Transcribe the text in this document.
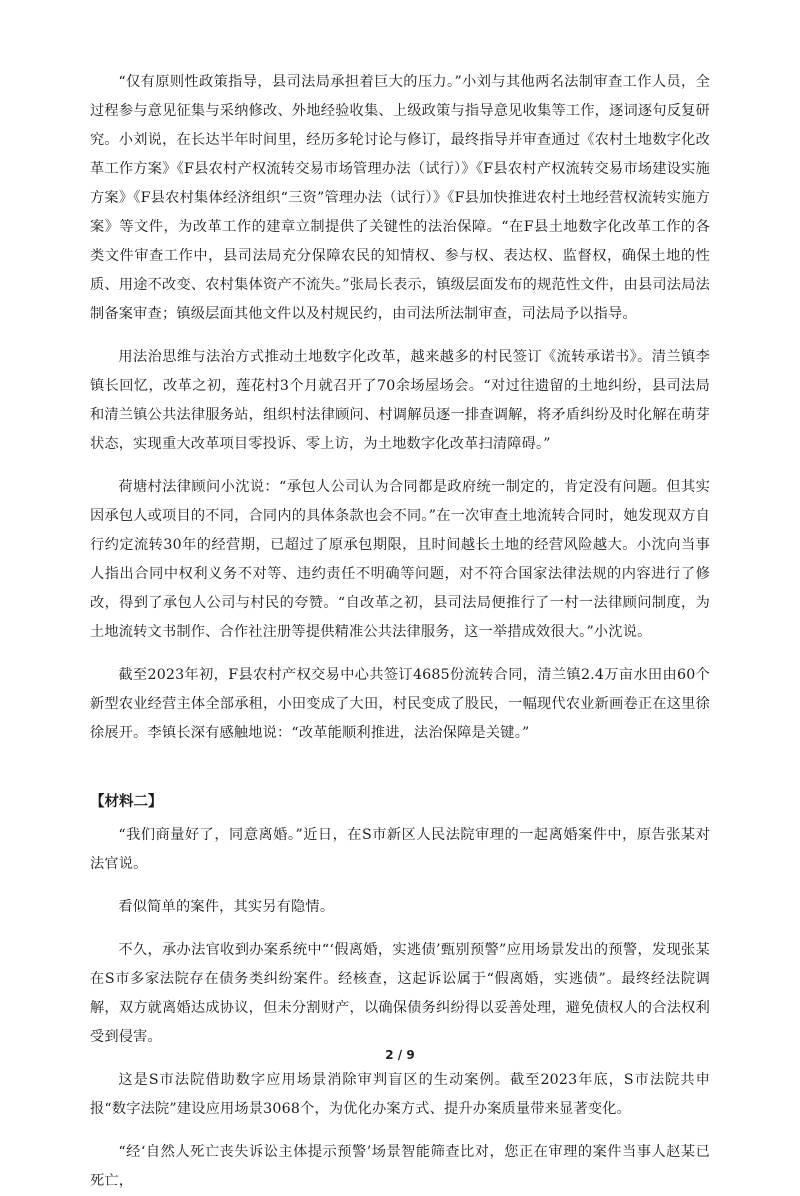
“仅有原则性政策指导，县司法局承担着巨大的压力。”小刘与其他两名法制审查工作人员，全过程参与意见征集与采纳修改、外地经验收集、上级政策与指导意见收集等工作，逐词逐句反复研究。小刘说，在长达半年时间里，经历多轮讨论与修订，最终指导并审查通过《农村土地数字化改革工作方案》《F县农村产权流转交易市场管理办法（试行）》《F县农村产权流转交易市场建设实施方案》《F县农村集体经济组织“三资”管理办法（试行）》《F县加快推进农村土地经营权流转实施方案》等文件，为改革工作的建章立制提供了关键性的法治保障。“在F县土地数字化改革工作的各类文件审查工作中，县司法局充分保障农民的知情权、参与权、表达权、监督权，确保土地的性质、用途不改变、农村集体资产不流失。”张局长表示，镇级层面发布的规范性文件，由县司法局法制备案审查；镇级层面其他文件以及村规民约，由司法所法制审查，司法局予以指导。

用法治思维与法治方式推动土地数字化改革，越来越多的村民签订《流转承诺书》。清兰镇李镇长回忆，改革之初，莲花村3个月就召开了70余场屋场会。“对过往遗留的土地纠纷，县司法局和清兰镇公共法律服务站，组织村法律顾问、村调解员逐一排查调解，将矛盾纠纷及时化解在萌芽状态，实现重大改革项目零投诉、零上访，为土地数字化改革扫清障碍。”

荷塘村法律顾问小沈说：“承包人公司认为合同都是政府统一制定的，肯定没有问题。但其实因承包人或项目的不同，合同内的具体条款也会不同。”在一次审查土地流转合同时，她发现双方自行约定流转30年的经营期，已超过了原承包期限，且时间越长土地的经营风险越大。小沈向当事人指出合同中权利义务不对等、违约责任不明确等问题，对不符合国家法律法规的内容进行了修改，得到了承包人公司与村民的夸赞。“自改革之初，县司法局便推行了一村一法律顾问制度，为土地流转文书制作、合作社注册等提供精准公共法律服务，这一举措成效很大。”小沈说。

截至2023年初，F县农村产权交易中心共签订4685份流转合同，清兰镇2.4万亩水田由60个新型农业经营主体全部承租，小田变成了大田，村民变成了股民，一幅现代农业新画卷正在这里徐徐展开。李镇长深有感触地说：“改革能顺利推进，法治保障是关键。”

【材料二】

“我们商量好了，同意离婚。”近日，在S市新区人民法院审理的一起离婚案件中，原告张某对法官说。

看似简单的案件，其实另有隐情。

不久，承办法官收到办案系统中“‘假离婚，实逃债’甄别预警”应用场景发出的预警，发现张某在S市多家法院存在债务类纠纷案件。经核查，这起诉讼属于“假离婚，实逃债”。最终经法院调解，双方就离婚达成协议，但未分割财产，以确保债务纠纷得以妥善处理，避免债权人的合法权利受到侵害。

这是S市法院借助数字应用场景消除审判盲区的生动案例。截至2023年底，S市法院共申报“数字法院”建设应用场景3068个，为优化办案方式、提升办案质量带来显著变化。

“经‘自然人死亡丧失诉讼主体提示预警’场景智能筛查比对，您正在审理的案件当事人赵某已死亡，

2 / 9
